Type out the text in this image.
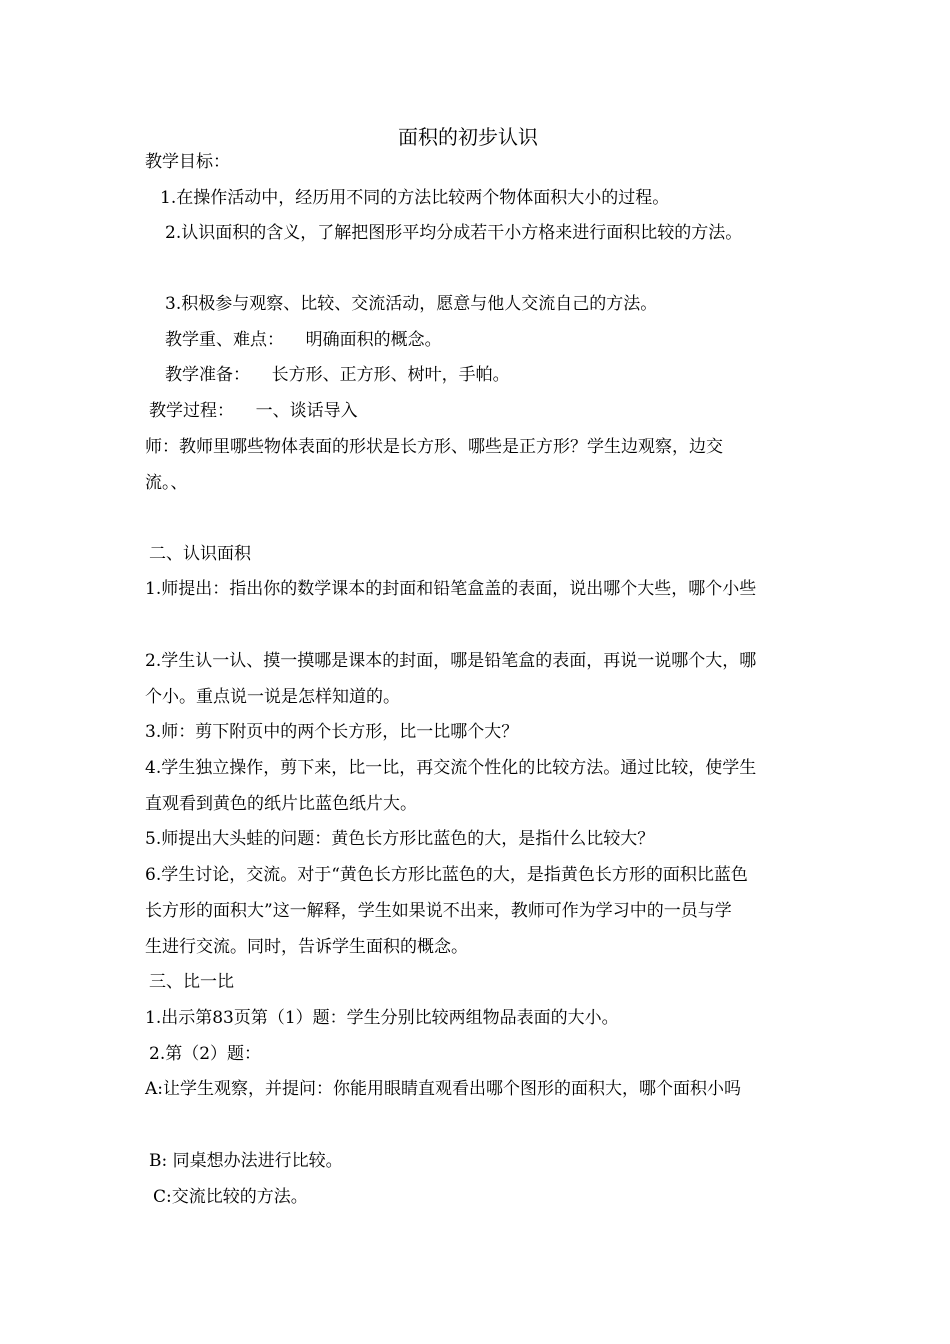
面积的初步认识
教学目标：
1.在操作活动中，经历用不同的方法比较两个物体面积大小的过程。
2.认识面积的含义，了解把图形平均分成若干小方格来进行面积比较的方法。
3.积极参与观察、比较、交流活动，愿意与他人交流自己的方法。
教学重、难点：    明确面积的概念。
教学准备：    长方形、正方形、树叶，手帕。
教学过程：    一、谈话导入
师：教师里哪些物体表面的形状是长方形、哪些是正方形？学生边观察，边交
流。、
二、认识面积
1.师提出：指出你的数学课本的封面和铅笔盒盖的表面，说出哪个大些，哪个小些
2.学生认一认、摸一摸哪是课本的封面，哪是铅笔盒的表面，再说一说哪个大，哪
个小。重点说一说是怎样知道的。
3.师：剪下附页中的两个长方形，比一比哪个大？
4.学生独立操作，剪下来，比一比，再交流个性化的比较方法。通过比较，使学生
直观看到黄色的纸片比蓝色纸片大。
5.师提出大头蛙的问题：黄色长方形比蓝色的大，是指什么比较大？
6.学生讨论，交流。对于“黄色长方形比蓝色的大，是指黄色长方形的面积比蓝色
长方形的面积大”这一解释，学生如果说不出来，教师可作为学习中的一员与学
生进行交流。同时，告诉学生面积的概念。
三、比一比
1.出示第83页第（1）题：学生分别比较两组物品表面的大小。
2.第（2）题：
A:让学生观察，并提问：你能用眼睛直观看出哪个图形的面积大，哪个面积小吗
B: 同桌想办法进行比较。
C:交流比较的方法。
